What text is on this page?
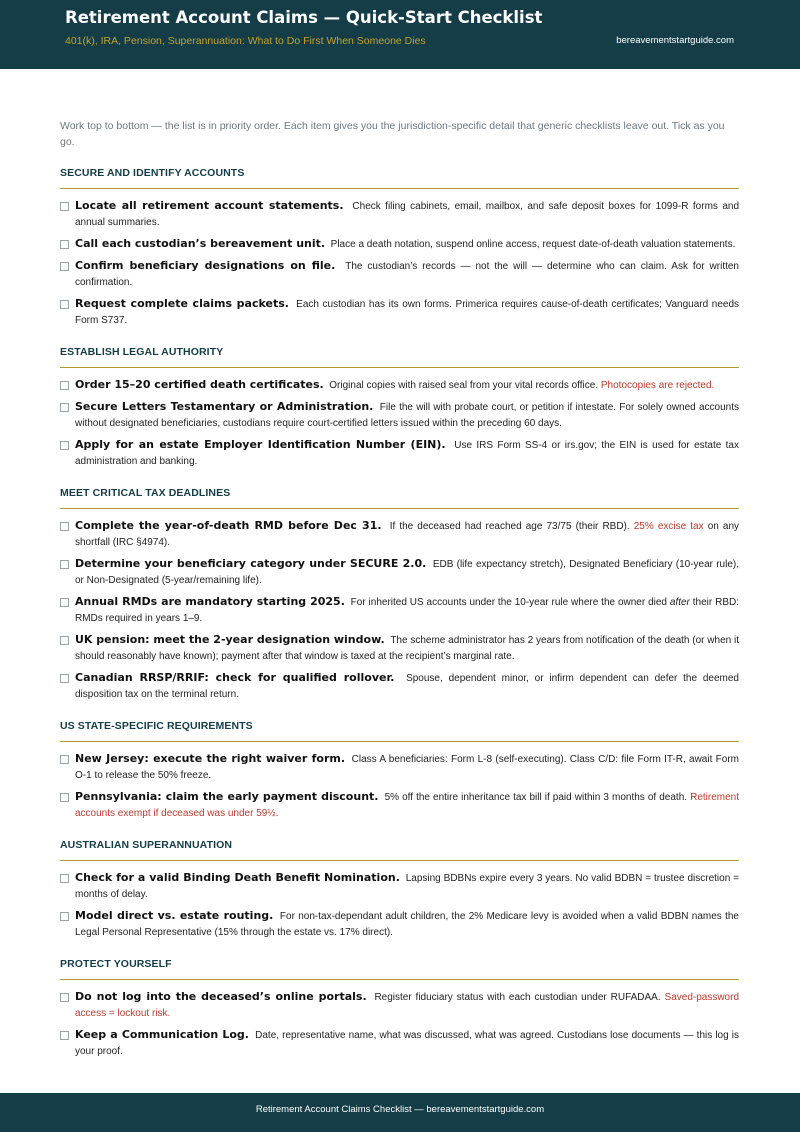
Retirement Account Claims — Quick-Start Checklist
401(k), IRA, Pension, Superannuation: What to Do First When Someone Dies	bereavementstartguide.com

Work top to bottom — the list is in priority order. Each item gives you the jurisdiction-specific detail that generic checklists leave out. Tick as you go.

SECURE AND IDENTIFY ACCOUNTS
Locate all retirement account statements. Check filing cabinets, email, mailbox, and safe deposit boxes for 1099-R forms and annual summaries.
Call each custodian’s bereavement unit. Place a death notation, suspend online access, request date-of-death valuation statements.
Confirm beneficiary designations on file. The custodian’s records — not the will — determine who can claim. Ask for written confirmation.
Request complete claims packets. Each custodian has its own forms. Primerica requires cause-of-death certificates; Vanguard needs Form S737.
ESTABLISH LEGAL AUTHORITY
Order 15–20 certified death certificates. Original copies with raised seal from your vital records office. Photocopies are rejected.
Secure Letters Testamentary or Administration. File the will with probate court, or petition if intestate. For solely owned accounts without designated beneficiaries, custodians require court-certified letters issued within the preceding 60 days.
Apply for an estate Employer Identification Number (EIN). Use IRS Form SS-4 or irs.gov; the EIN is used for estate tax administration and banking.
MEET CRITICAL TAX DEADLINES
Complete the year-of-death RMD before Dec 31. If the deceased had reached age 73/75 (their RBD). 25% excise tax on any shortfall (IRC §4974).
Determine your beneficiary category under SECURE 2.0. EDB (life expectancy stretch), Designated Beneficiary (10-year rule), or Non-Designated (5-year/remaining life).
Annual RMDs are mandatory starting 2025. For inherited US accounts under the 10-year rule where the owner died after their RBD: RMDs required in years 1–9.
UK pension: meet the 2-year designation window. The scheme administrator has 2 years from notification of the death (or when it should reasonably have known); payment after that window is taxed at the recipient’s marginal rate.
Canadian RRSP/RRIF: check for qualified rollover. Spouse, dependent minor, or infirm dependent can defer the deemed disposition tax on the terminal return.
US STATE-SPECIFIC REQUIREMENTS
New Jersey: execute the right waiver form. Class A beneficiaries: Form L-8 (self-executing). Class C/D: file Form IT-R, await Form O-1 to release the 50% freeze.
Pennsylvania: claim the early payment discount. 5% off the entire inheritance tax bill if paid within 3 months of death. Retirement accounts exempt if deceased was under 59½.
AUSTRALIAN SUPERANNUATION
Check for a valid Binding Death Benefit Nomination. Lapsing BDBNs expire every 3 years. No valid BDBN = trustee discretion = months of delay.
Model direct vs. estate routing. For non-tax-dependant adult children, the 2% Medicare levy is avoided when a valid BDBN names the Legal Personal Representative (15% through the estate vs. 17% direct).
PROTECT YOURSELF
Do not log into the deceased’s online portals. Register fiduciary status with each custodian under RUFADAA. Saved-password access = lockout risk.
Keep a Communication Log. Date, representative name, what was discussed, what was agreed. Custodians lose documents — this log is your proof.
Retirement Account Claims Checklist — bereavementstartguide.com
